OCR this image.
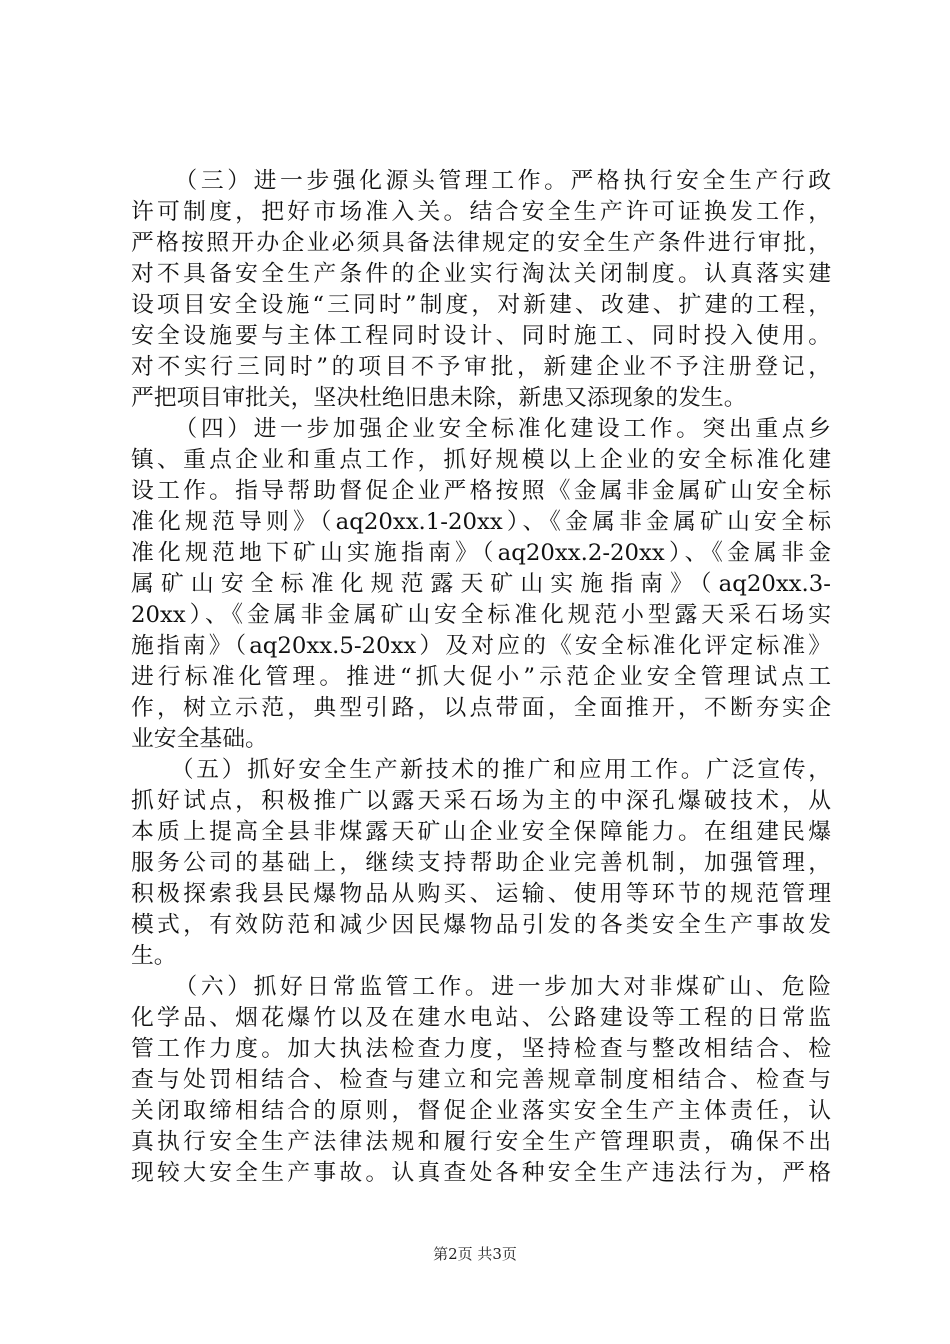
（三）进一步强化源头管理工作。严格执行安全生产行政
许可制度，把好市场准入关。结合安全生产许可证换发工作，
严格按照开办企业必须具备法律规定的安全生产条件进行审批，
对不具备安全生产条件的企业实行淘汰关闭制度。认真落实建
设项目安全设施“三同时”制度，对新建、改建、扩建的工程，
安全设施要与主体工程同时设计、同时施工、同时投入使用。
对不实行三同时”的项目不予审批，新建企业不予注册登记，
严把项目审批关，坚决杜绝旧患未除，新患又添现象的发生。
（四）进一步加强企业安全标准化建设工作。突出重点乡
镇、重点企业和重点工作，抓好规模以上企业的安全标准化建
设工作。指导帮助督促企业严格按照《金属非金属矿山安全标
准化规范导则》（aq20xx.1-20xx）、《金属非金属矿山安全标
准化规范地下矿山实施指南》（aq20xx.2-20xx）、《金属非金
属矿山安全标准化规范露天矿山实施指南》（aq20xx.3-
20xx）、《金属非金属矿山安全标准化规范小型露天采石场实
施指南》（aq20xx.5-20xx）及对应的《安全标准化评定标准》
进行标准化管理。推进“抓大促小”示范企业安全管理试点工
作，树立示范，典型引路，以点带面，全面推开，不断夯实企
业安全基础。
（五）抓好安全生产新技术的推广和应用工作。广泛宣传，
抓好试点，积极推广以露天采石场为主的中深孔爆破技术，从
本质上提高全县非煤露天矿山企业安全保障能力。在组建民爆
服务公司的基础上，继续支持帮助企业完善机制，加强管理，
积极探索我县民爆物品从购买、运输、使用等环节的规范管理
模式，有效防范和减少因民爆物品引发的各类安全生产事故发
生。
（六）抓好日常监管工作。进一步加大对非煤矿山、危险
化学品、烟花爆竹以及在建水电站、公路建设等工程的日常监
管工作力度。加大执法检查力度，坚持检查与整改相结合、检
查与处罚相结合、检查与建立和完善规章制度相结合、检查与
关闭取缔相结合的原则，督促企业落实安全生产主体责任，认
真执行安全生产法律法规和履行安全生产管理职责，确保不出
现较大安全生产事故。认真查处各种安全生产违法行为，严格
第2页 共3页
